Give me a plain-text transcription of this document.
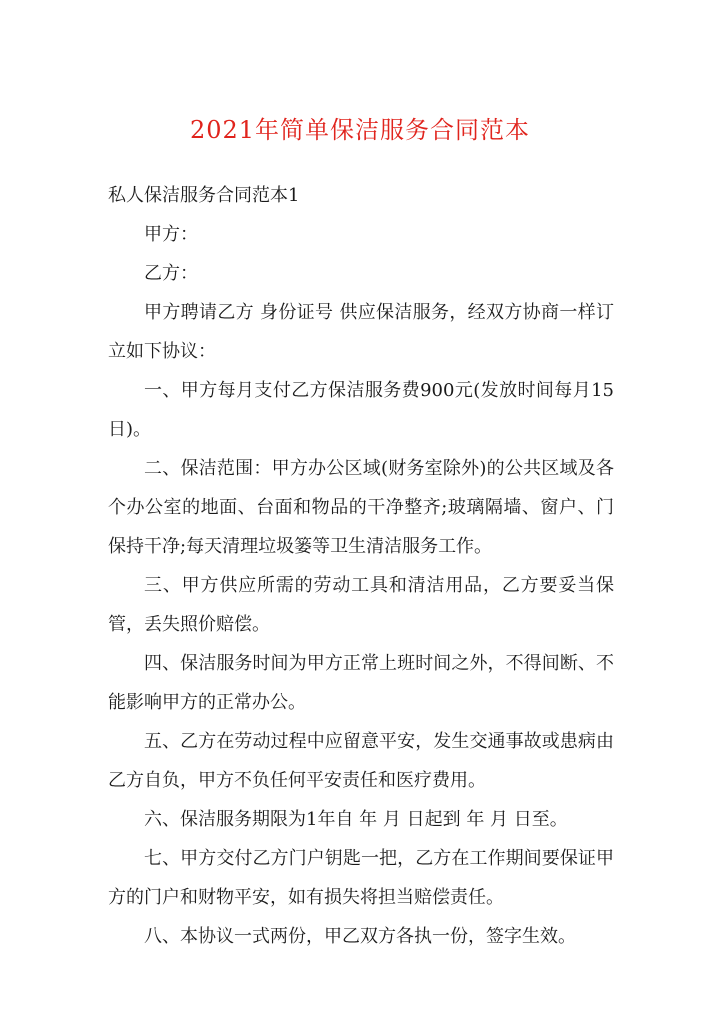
2021年简单保洁服务合同范本

私人保洁服务合同范本1

甲方：

乙方：

甲方聘请乙方 身份证号 供应保洁服务，经双方协商一样订立如下协议：

一、甲方每月支付乙方保洁服务费900元(发放时间每月15日)。

二、保洁范围：甲方办公区域(财务室除外)的公共区域及各个办公室的地面、台面和物品的干净整齐;玻璃隔墙、窗户、门保持干净;每天清理垃圾篓等卫生清洁服务工作。

三、甲方供应所需的劳动工具和清洁用品，乙方要妥当保管，丢失照价赔偿。

四、保洁服务时间为甲方正常上班时间之外，不得间断、不能影响甲方的正常办公。

五、乙方在劳动过程中应留意平安，发生交通事故或患病由乙方自负，甲方不负任何平安责任和医疗费用。

六、保洁服务期限为1年自 年 月 日起到 年 月 日至。

七、甲方交付乙方门户钥匙一把，乙方在工作期间要保证甲方的门户和财物平安，如有损失将担当赔偿责任。

八、本协议一式两份，甲乙双方各执一份，签字生效。
